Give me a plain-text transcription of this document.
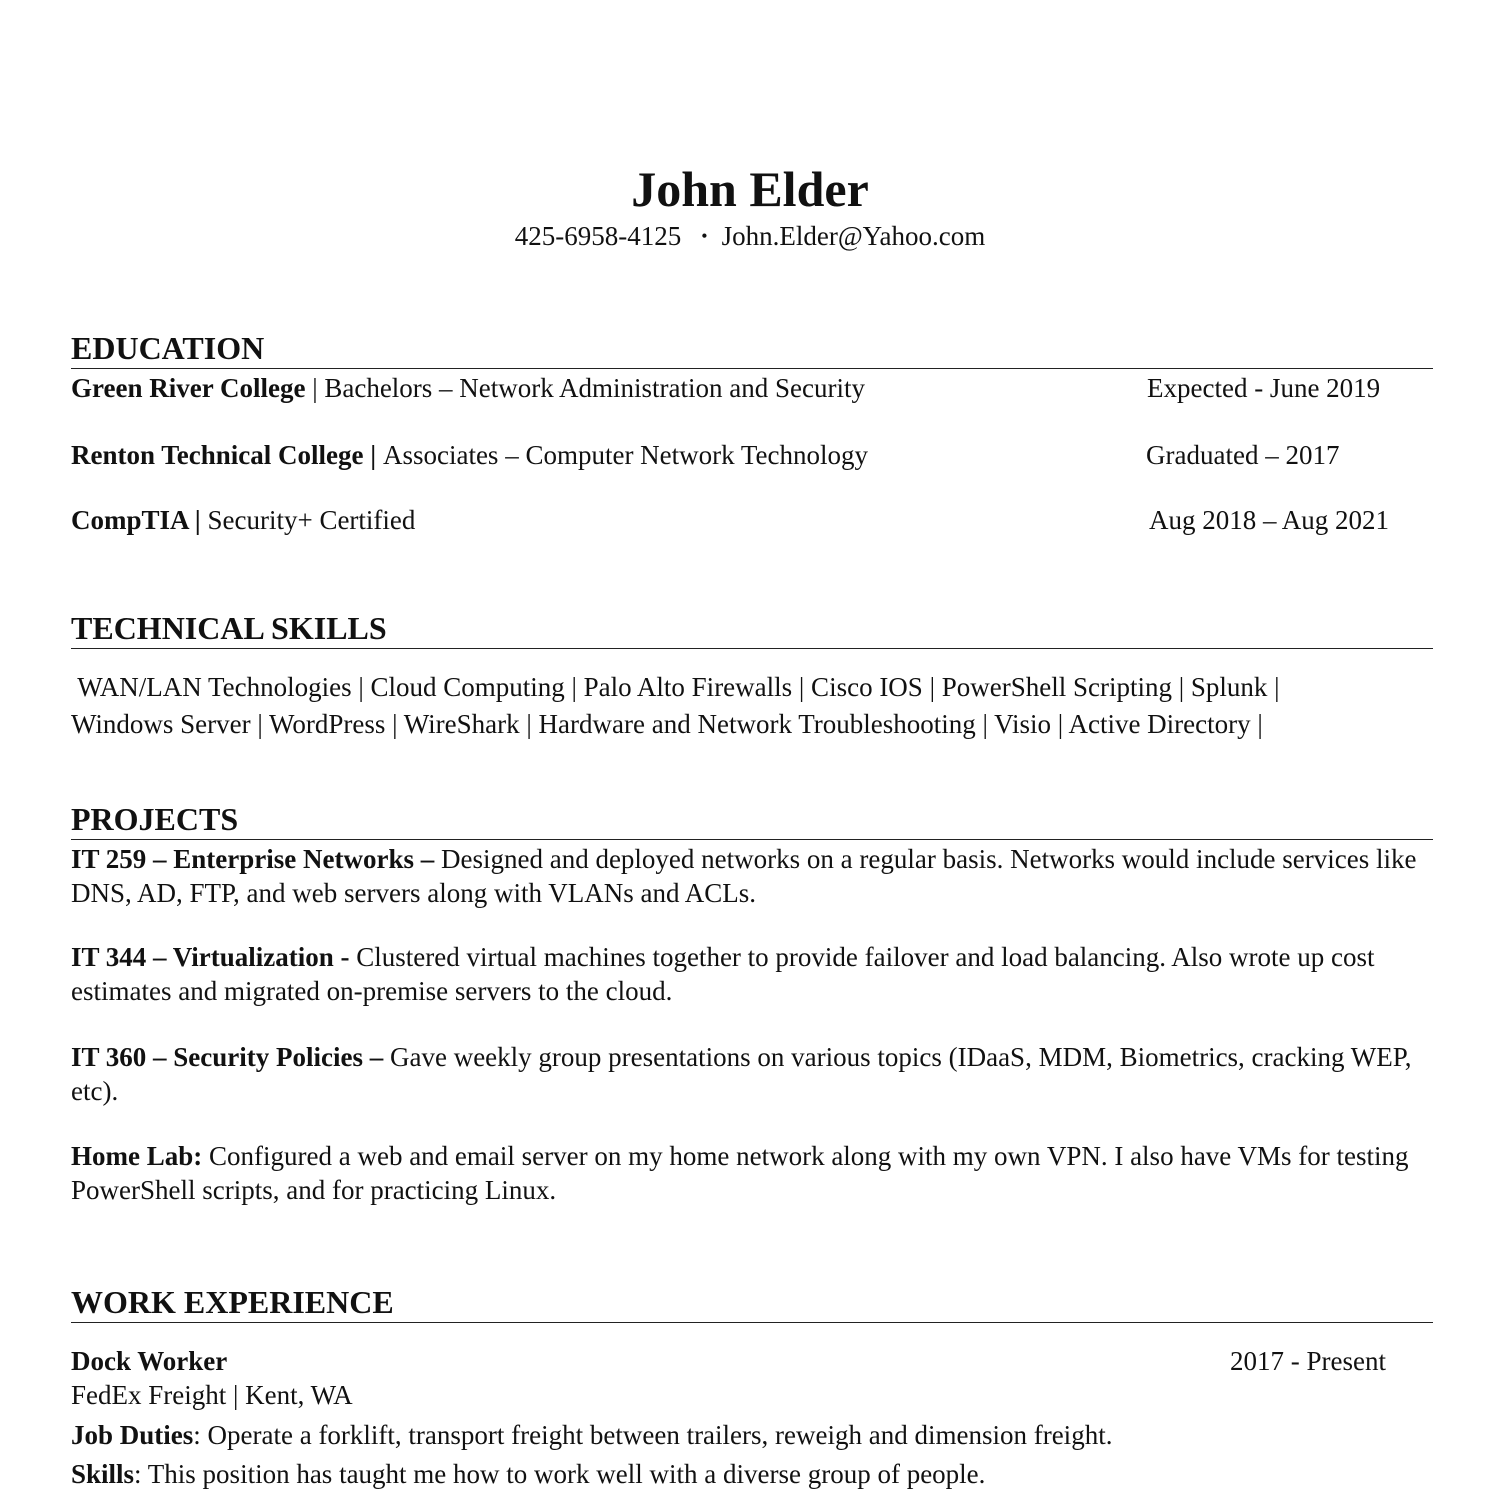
John Elder
425-6958-4125 • John.Elder@Yahoo.com
EDUCATION
Green River College | Bachelors – Network Administration and Security	Expected - June 2019
Renton Technical College | Associates – Computer Network Technology	Graduated – 2017
CompTIA | Security+ Certified	Aug 2018 – Aug 2021
TECHNICAL SKILLS
WAN/LAN Technologies | Cloud Computing | Palo Alto Firewalls | Cisco IOS | PowerShell Scripting | Splunk |
Windows Server | WordPress | WireShark | Hardware and Network Troubleshooting | Visio | Active Directory |
PROJECTS
IT 259 – Enterprise Networks – Designed and deployed networks on a regular basis. Networks would include services like DNS, AD, FTP, and web servers along with VLANs and ACLs.
IT 344 – Virtualization - Clustered virtual machines together to provide failover and load balancing. Also wrote up cost estimates and migrated on-premise servers to the cloud.
IT 360 – Security Policies – Gave weekly group presentations on various topics (IDaaS, MDM, Biometrics, cracking WEP, etc).
Home Lab: Configured a web and email server on my home network along with my own VPN. I also have VMs for testing PowerShell scripts, and for practicing Linux.
WORK EXPERIENCE
Dock Worker	2017 - Present
FedEx Freight | Kent, WA
Job Duties: Operate a forklift, transport freight between trailers, reweigh and dimension freight.
Skills: This position has taught me how to work well with a diverse group of people.
